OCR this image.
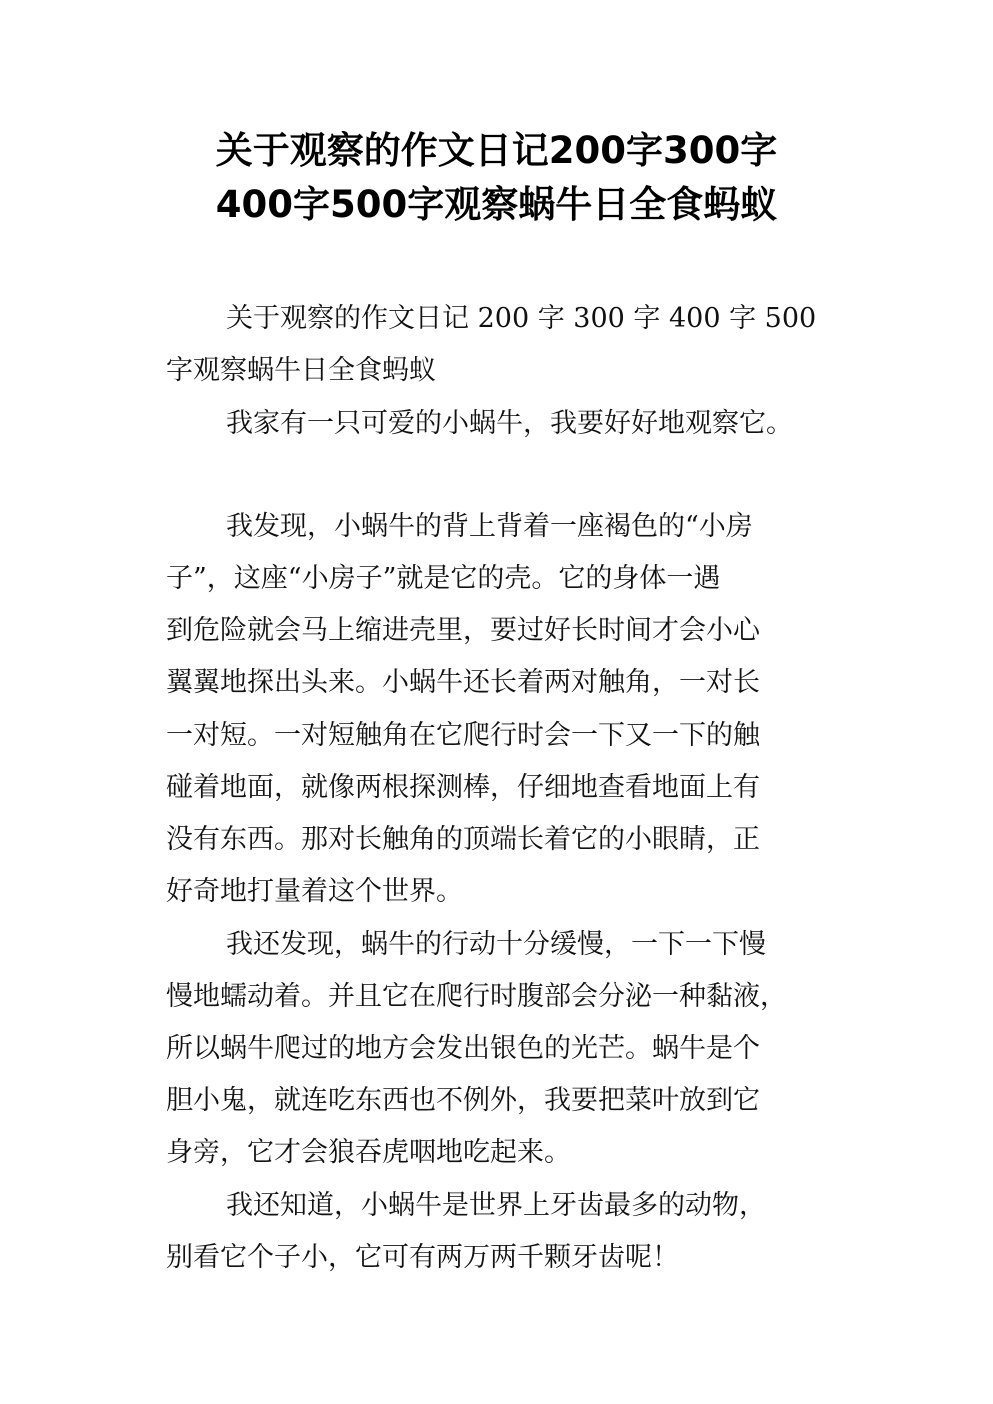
关于观察的作文日记200字300字
400字500字观察蜗牛日全食蚂蚁
关于观察的作文日记 200 字 300 字 400 字 500
字观察蜗牛日全食蚂蚁
我家有一只可爱的小蜗牛，我要好好地观察它。
我发现，小蜗牛的背上背着一座褐色的“小房
子”，这座“小房子”就是它的壳。它的身体一遇
到危险就会马上缩进壳里，要过好长时间才会小心
翼翼地探出头来。小蜗牛还长着两对触角，一对长
一对短。一对短触角在它爬行时会一下又一下的触
碰着地面，就像两根探测棒，仔细地查看地面上有
没有东西。那对长触角的顶端长着它的小眼睛，正
好奇地打量着这个世界。
我还发现，蜗牛的行动十分缓慢，一下一下慢
慢地蠕动着。并且它在爬行时腹部会分泌一种黏液，
所以蜗牛爬过的地方会发出银色的光芒。蜗牛是个
胆小鬼，就连吃东西也不例外，我要把菜叶放到它
身旁，它才会狼吞虎咽地吃起来。
我还知道，小蜗牛是世界上牙齿最多的动物，
别看它个子小，它可有两万两千颗牙齿呢！
